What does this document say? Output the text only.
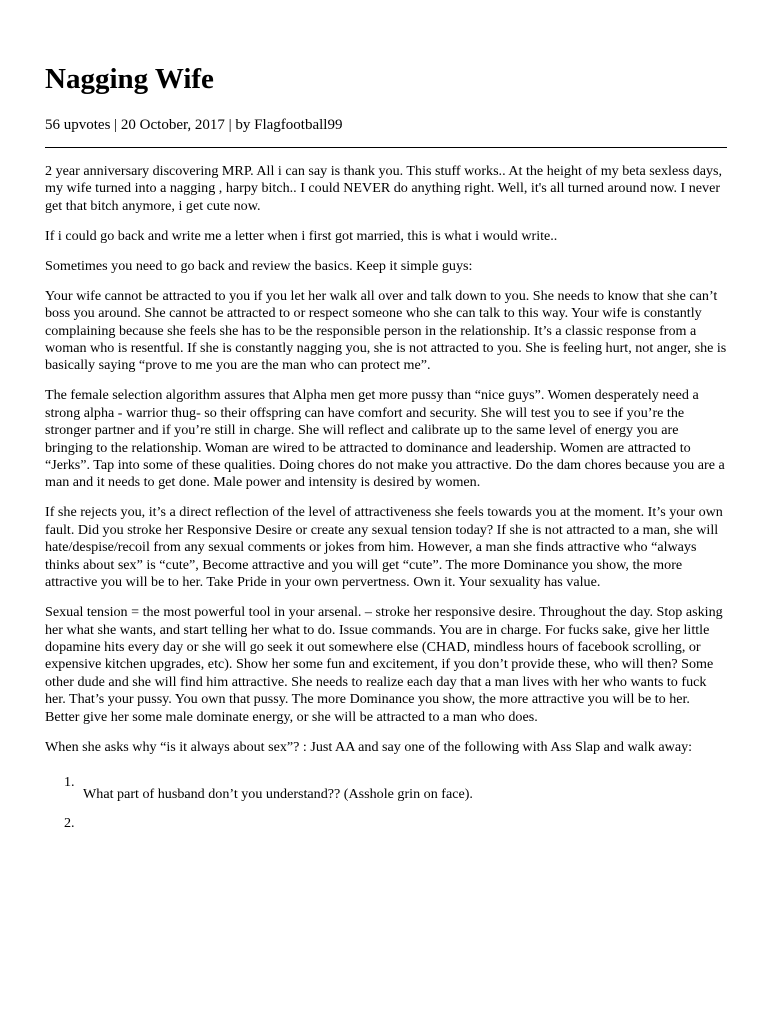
Nagging Wife
56 upvotes | 20 October, 2017 | by Flagfootball99

2 year anniversary discovering MRP. All i can say is thank you. This stuff works.. At the height of my beta sexless days, my wife turned into a nagging , harpy bitch.. I could NEVER do anything right. Well, it's all turned around now. I never get that bitch anymore, i get cute now.

If i could go back and write me a letter when i first got married, this is what i would write..

Sometimes you need to go back and review the basics. Keep it simple guys:

Your wife cannot be attracted to you if you let her walk all over and talk down to you. She needs to know that she can’t boss you around. She cannot be attracted to or respect someone who she can talk to this way. Your wife is constantly complaining because she feels she has to be the responsible person in the relationship. It’s a classic response from a woman who is resentful. If she is constantly nagging you, she is not attracted to you. She is feeling hurt, not anger, she is basically saying “prove to me you are the man who can protect me”.

The female selection algorithm assures that Alpha men get more pussy than “nice guys”. Women desperately need a strong alpha - warrior thug- so their offspring can have comfort and security. She will test you to see if you’re the stronger partner and if you’re still in charge. She will reflect and calibrate up to the same level of energy you are bringing to the relationship. Woman are wired to be attracted to dominance and leadership. Women are attracted to “Jerks”. Tap into some of these qualities. Doing chores do not make you attractive. Do the dam chores because you are a man and it needs to get done. Male power and intensity is desired by women.

If she rejects you, it’s a direct reflection of the level of attractiveness she feels towards you at the moment. It’s your own fault. Did you stroke her Responsive Desire or create any sexual tension today? If she is not attracted to a man, she will hate/despise/recoil from any sexual comments or jokes from him. However, a man she finds attractive who “always thinks about sex” is “cute”, Become attractive and you will get “cute”. The more Dominance you show, the more attractive you will be to her. Take Pride in your own pervertness. Own it. Your sexuality has value.

Sexual tension = the most powerful tool in your arsenal. – stroke her responsive desire. Throughout the day. Stop asking her what she wants, and start telling her what to do. Issue commands. You are in charge. For fucks sake, give her little dopamine hits every day or she will go seek it out somewhere else (CHAD, mindless hours of facebook scrolling, or expensive kitchen upgrades, etc). Show her some fun and excitement, if you don’t provide these, who will then? Some other dude and she will find him attractive. She needs to realize each day that a man lives with her who wants to fuck her. That’s your pussy. You own that pussy. The more Dominance you show, the more attractive you will be to her. Better give her some male dominate energy, or she will be attracted to a man who does.

When she asks why “is it always about sex”? : Just AA and say one of the following with Ass Slap and walk away:

1.
What part of husband don’t you understand?? (Asshole grin on face).
2.
